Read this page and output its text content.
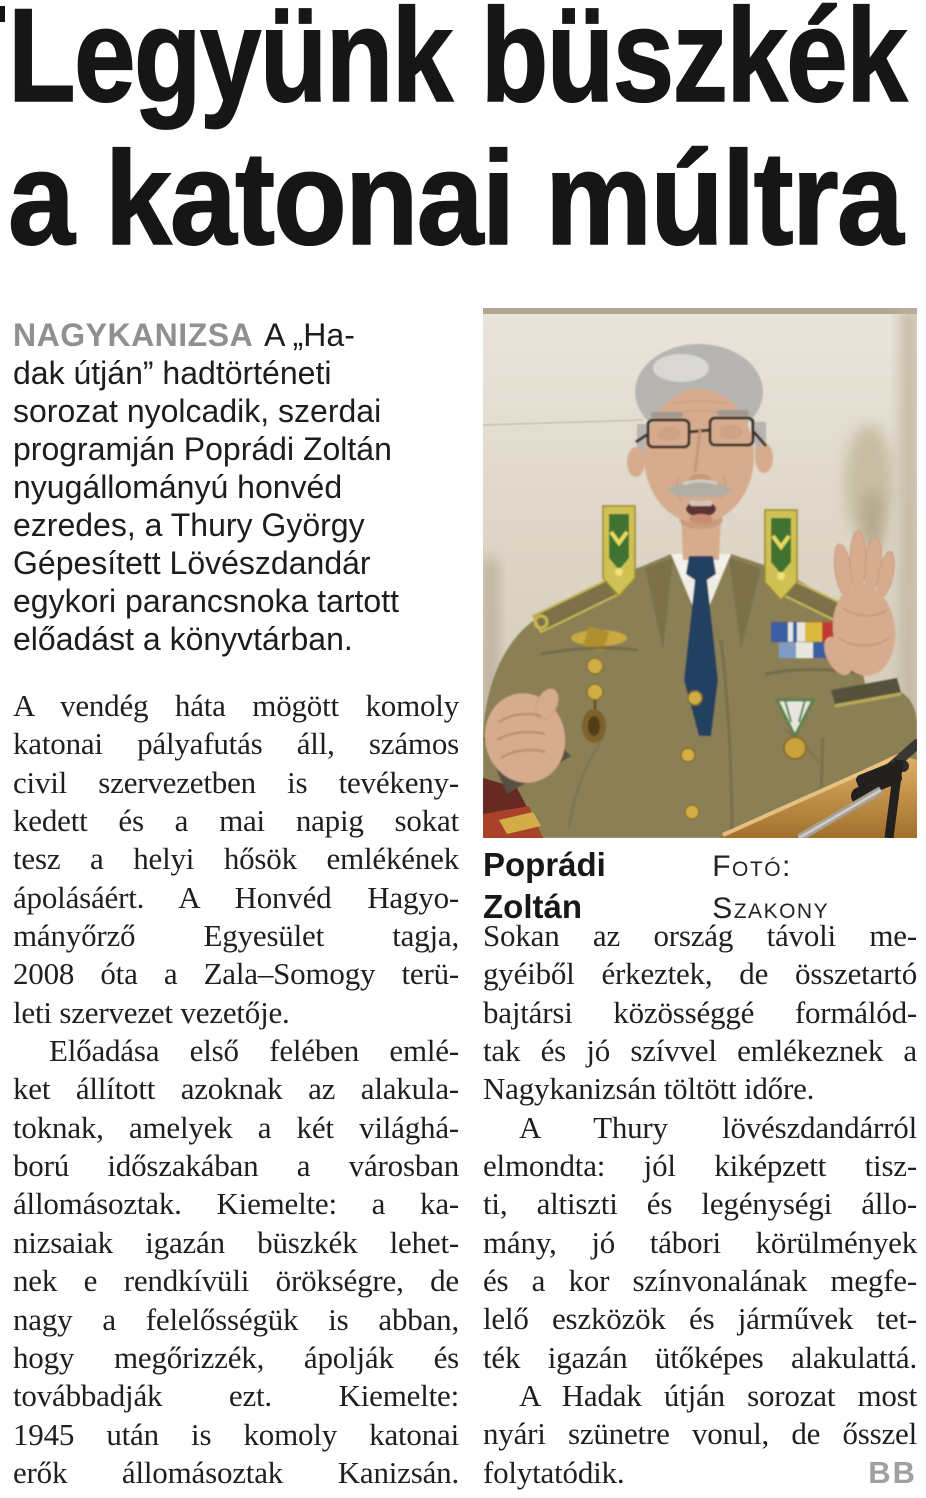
Legyünk büszkék
a katonai múltra
NAGYKANIZSA A „Ha-
dak útján” hadtörténeti
sorozat nyolcadik, szerdai
programján Poprádi Zoltán
nyugállományú honvéd
ezredes, a Thury György
Gépesített Lövészdandár
egykori parancsnoka tartott
előadást a könyvtárban.
Poprádi Zoltán
Fotó: Szakony
A vendég háta mögött komoly
katonai pályafutás áll, számos
civil szervezetben is tevékeny-
kedett és a mai napig sokat
tesz a helyi hősök emlékének
ápolásáért. A Honvéd Hagyo-
mányőrző Egyesület tagja,
2008 óta a Zala–Somogy terü-
leti szervezet vezetője.
Előadása első felében emlé-
ket állított azoknak az alakula-
toknak, amelyek a két világhá-
ború időszakában a városban
állomásoztak. Kiemelte: a ka-
nizsaiak igazán büszkék lehet-
nek e rendkívüli örökségre, de
nagy a felelősségük is abban,
hogy megőrizzék, ápolják és
továbbadják ezt. Kiemelte:
1945 után is komoly katonai
erők állomásoztak Kanizsán.
Sokan az ország távoli me-
gyéiből érkeztek, de összetartó
bajtársi közösséggé formálód-
tak és jó szívvel emlékeznek a
Nagykanizsán töltött időre.
A Thury lövészdandárról
elmondta: jól kiképzett tisz-
ti, altiszti és legénységi állo-
mány, jó tábori körülmények
és a kor színvonalának megfe-
lelő eszközök és járművek tet-
ték igazán ütőképes alakulattá.
A Hadak útján sorozat most
nyári szünetre vonul, de ősszel
folytatódik.	BB
